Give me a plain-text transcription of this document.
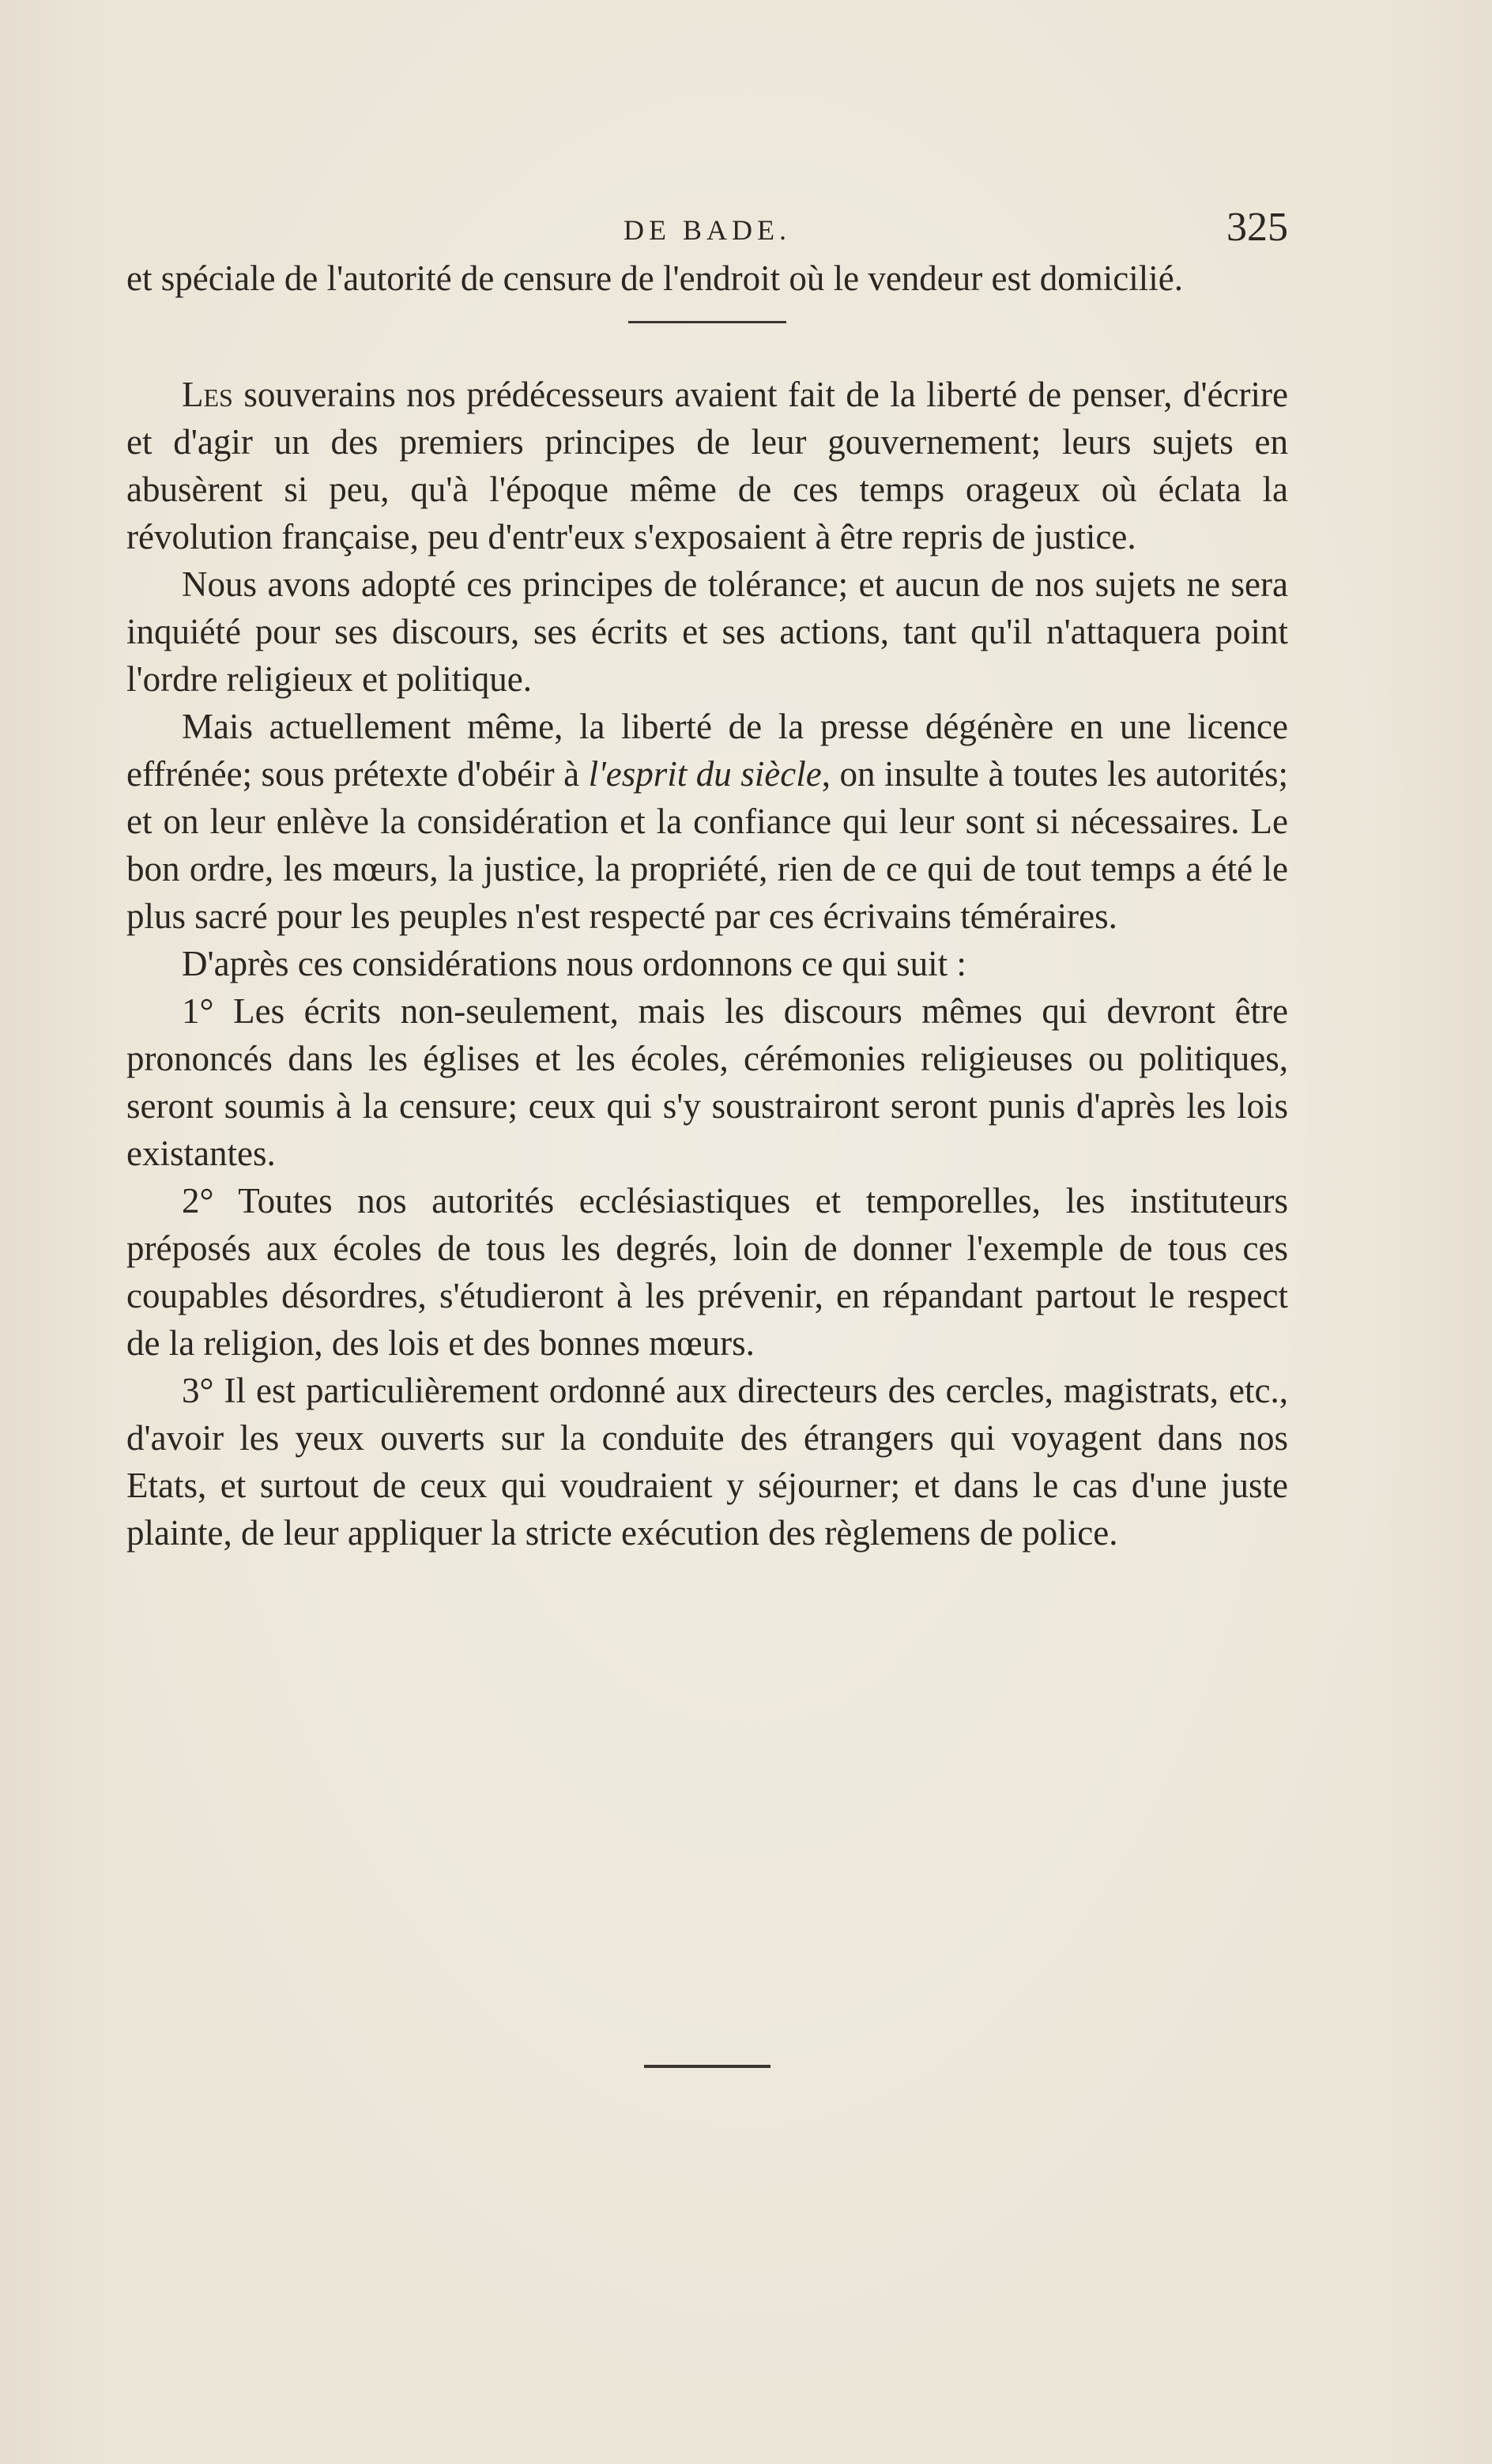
DE BADE.	325

et spéciale de l'autorité de censure de l'endroit où le vendeur est domicilié.

Les souverains nos prédécesseurs avaient fait de la liberté de penser, d'écrire et d'agir un des premiers principes de leur gouvernement; leurs sujets en abusèrent si peu, qu'à l'époque même de ces temps orageux où éclata la révolution française, peu d'entr'eux s'exposaient à être repris de justice.

Nous avons adopté ces principes de tolérance; et aucun de nos sujets ne sera inquiété pour ses discours, ses écrits et ses actions, tant qu'il n'attaquera point l'ordre religieux et politique.

Mais actuellement même, la liberté de la presse dégénère en une licence effrénée; sous prétexte d'obéir à l'esprit du siècle, on insulte à toutes les autorités; et on leur enlève la considération et la confiance qui leur sont si nécessaires. Le bon ordre, les mœurs, la justice, la propriété, rien de ce qui de tout temps a été le plus sacré pour les peuples n'est respecté par ces écrivains téméraires.

D'après ces considérations nous ordonnons ce qui suit :

1° Les écrits non-seulement, mais les discours mêmes qui devront être prononcés dans les églises et les écoles, cérémonies religieuses ou politiques, seront soumis à la censure; ceux qui s'y soustrairont seront punis d'après les lois existantes.

2° Toutes nos autorités ecclésiastiques et temporelles, les instituteurs préposés aux écoles de tous les degrés, loin de donner l'exemple de tous ces coupables désordres, s'étudieront à les prévenir, en répandant partout le respect de la religion, des lois et des bonnes mœurs.

3° Il est particulièrement ordonné aux directeurs des cercles, magistrats, etc., d'avoir les yeux ouverts sur la conduite des étrangers qui voyagent dans nos Etats, et surtout de ceux qui voudraient y séjourner; et dans le cas d'une juste plainte, de leur appliquer la stricte exécution des règlemens de police.
